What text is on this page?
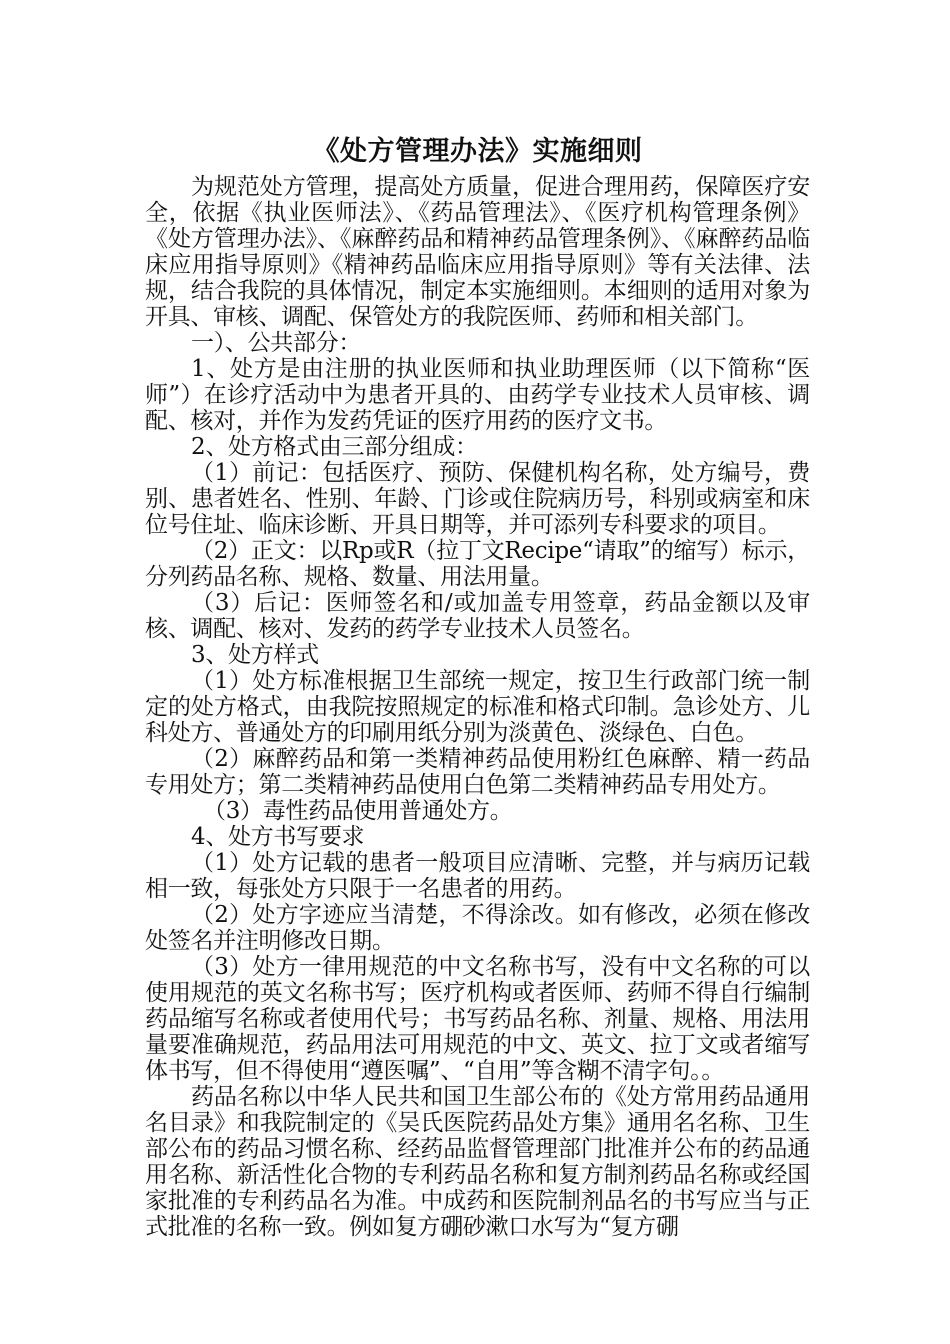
《处方管理办法》实施细则

为规范处方管理，提高处方质量，促进合理用药，保障医疗安全，依据《执业医师法》、《药品管理法》、《医疗机构管理条例》《处方管理办法》、《麻醉药品和精神药品管理条例》、《麻醉药品临床应用指导原则》《精神药品临床应用指导原则》等有关法律、法规，结合我院的具体情况，制定本实施细则。本细则的适用对象为开具、审核、调配、保管处方的我院医师、药师和相关部门。

一）、公共部分：

1、处方是由注册的执业医师和执业助理医师（以下简称“医师”）在诊疗活动中为患者开具的、由药学专业技术人员审核、调配、核对，并作为发药凭证的医疗用药的医疗文书。

2、处方格式由三部分组成：

（1）前记：包括医疗、预防、保健机构名称，处方编号，费别、患者姓名、性别、年龄、门诊或住院病历号，科别或病室和床位号住址、临床诊断、开具日期等，并可添列专科要求的项目。

（2）正文：以Rp或R（拉丁文Recipe“请取”的缩写）标示，分列药品名称、规格、数量、用法用量。

（3）后记：医师签名和/或加盖专用签章，药品金额以及审核、调配、核对、发药的药学专业技术人员签名。

3、处方样式

（1）处方标准根据卫生部统一规定，按卫生行政部门统一制定的处方格式，由我院按照规定的标准和格式印制。急诊处方、儿科处方、普通处方的印刷用纸分别为淡黄色、淡绿色、白色。

（2）麻醉药品和第一类精神药品使用粉红色麻醉、精一药品专用处方；第二类精神药品使用白色第二类精神药品专用处方。

（3）毒性药品使用普通处方。

4、处方书写要求

（1）处方记载的患者一般项目应清晰、完整，并与病历记载相一致，每张处方只限于一名患者的用药。

（2）处方字迹应当清楚，不得涂改。如有修改，必须在修改处签名并注明修改日期。

（3）处方一律用规范的中文名称书写，没有中文名称的可以使用规范的英文名称书写；医疗机构或者医师、药师不得自行编制药品缩写名称或者使用代号；书写药品名称、剂量、规格、用法用量要准确规范，药品用法可用规范的中文、英文、拉丁文或者缩写体书写，但不得使用“遵医嘱”、“自用”等含糊不清字句。。

药品名称以中华人民共和国卫生部公布的《处方常用药品通用名目录》和我院制定的《吴氏医院药品处方集》通用名名称、卫生部公布的药品习惯名称、经药品监督管理部门批准并公布的药品通用名称、新活性化合物的专利药品名称和复方制剂药品名称或经国家批准的专利药品名为准。中成药和医院制剂品名的书写应当与正式批准的名称一致。例如复方硼砂漱口水写为“复方硼
